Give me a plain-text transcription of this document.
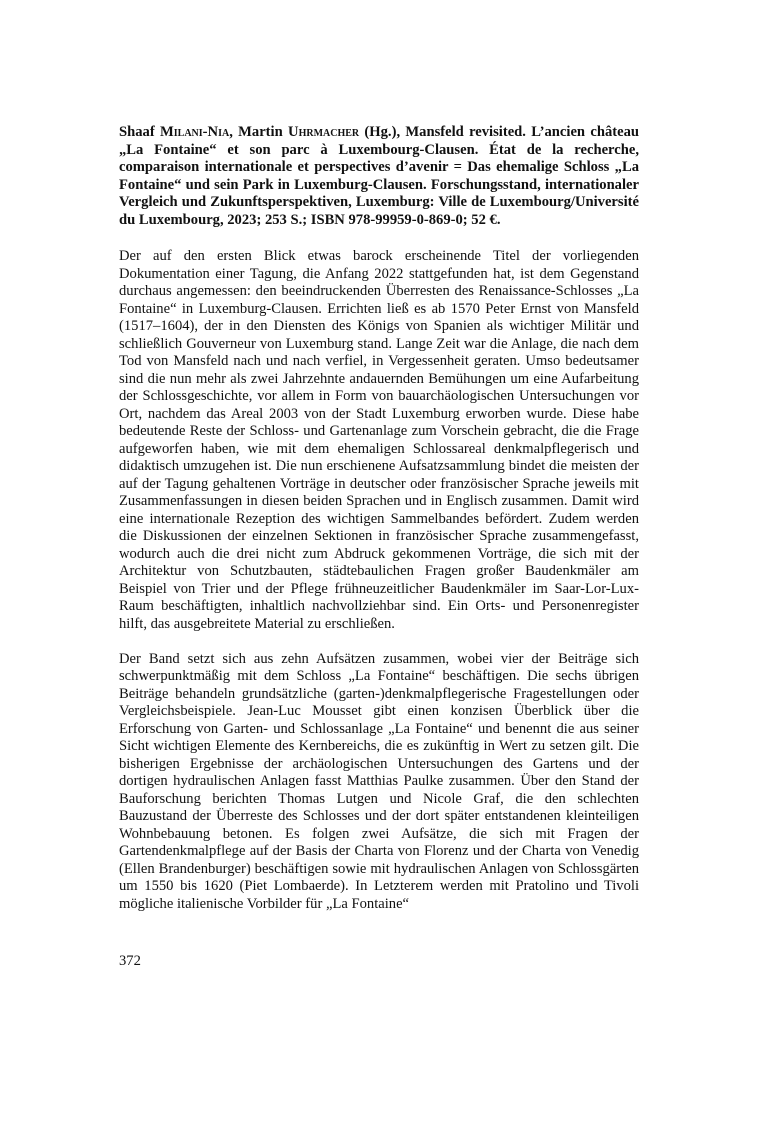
Shaaf Milani-Nia, Martin Uhrmacher (Hg.), Mansfeld revisited. L’ancien château „La Fontaine“ et son parc à Luxembourg-Clausen. État de la recherche, comparaison internationale et perspectives d’avenir = Das ehemalige Schloss „La Fontaine“ und sein Park in Luxemburg-Clausen. Forschungsstand, internationaler Vergleich und Zukunftsperspektiven, Luxemburg: Ville de Luxembourg/Université du Luxembourg, 2023; 253 S.; ISBN 978-99959-0-869-0; 52 €.

Der auf den ersten Blick etwas barock erscheinende Titel der vorliegenden Dokumentation einer Tagung, die Anfang 2022 stattgefunden hat, ist dem Gegenstand durchaus angemessen: den beeindruckenden Überresten des Renaissance-Schlosses „La Fontaine“ in Luxemburg-Clausen. Errichten ließ es ab 1570 Peter Ernst von Mansfeld (1517–1604), der in den Diensten des Königs von Spanien als wichtiger Militär und schließlich Gouverneur von Luxemburg stand. Lange Zeit war die Anlage, die nach dem Tod von Mansfeld nach und nach verfiel, in Vergessenheit geraten. Umso bedeutsamer sind die nun mehr als zwei Jahrzehnte andauernden Bemühungen um eine Aufarbeitung der Schlossgeschichte, vor allem in Form von bauarchäologischen Untersuchungen vor Ort, nachdem das Areal 2003 von der Stadt Luxemburg erworben wurde. Diese habe bedeutende Reste der Schloss- und Gartenanlage zum Vorschein gebracht, die die Frage aufgeworfen haben, wie mit dem ehemaligen Schlossareal denkmalpflegerisch und didaktisch umzugehen ist. Die nun erschienene Aufsatzsammlung bindet die meisten der auf der Tagung gehaltenen Vorträge in deutscher oder französischer Sprache jeweils mit Zusammenfassungen in diesen beiden Sprachen und in Englisch zusammen. Damit wird eine internationale Rezeption des wichtigen Sammelbandes befördert. Zudem werden die Diskussionen der einzelnen Sektionen in französischer Sprache zusammengefasst, wodurch auch die drei nicht zum Abdruck gekommenen Vorträge, die sich mit der Architektur von Schutzbauten, städtebaulichen Fragen großer Baudenkmäler am Beispiel von Trier und der Pflege frühneuzeitlicher Baudenkmäler im Saar-Lor-Lux-Raum beschäftigten, inhaltlich nachvollziehbar sind. Ein Orts- und Personenregister hilft, das ausgebreitete Material zu erschließen.

Der Band setzt sich aus zehn Aufsätzen zusammen, wobei vier der Beiträge sich schwerpunktmäßig mit dem Schloss „La Fontaine“ beschäftigen. Die sechs übrigen Beiträge behandeln grundsätzliche (garten-)denkmalpflegerische Fragestellungen oder Vergleichsbeispiele. Jean-Luc Mousset gibt einen konzisen Überblick über die Erforschung von Garten- und Schlossanlage „La Fontaine“ und benennt die aus seiner Sicht wichtigen Elemente des Kernbereichs, die es zukünftig in Wert zu setzen gilt. Die bisherigen Ergebnisse der archäologischen Untersuchungen des Gartens und der dortigen hydraulischen Anlagen fasst Matthias Paulke zusammen. Über den Stand der Bauforschung berichten Thomas Lutgen und Nicole Graf, die den schlechten Bauzustand der Überreste des Schlosses und der dort später entstandenen kleinteiligen Wohnbebauung betonen. Es folgen zwei Aufsätze, die sich mit Fragen der Gartendenkmalpflege auf der Basis der Charta von Florenz und der Charta von Venedig (Ellen Brandenburger) beschäftigen sowie mit hydraulischen Anlagen von Schlossgärten um 1550 bis 1620 (Piet Lombaerde). In Letzterem werden mit Pratolino und Tivoli mögliche italienische Vorbilder für „La Fontaine“

372
